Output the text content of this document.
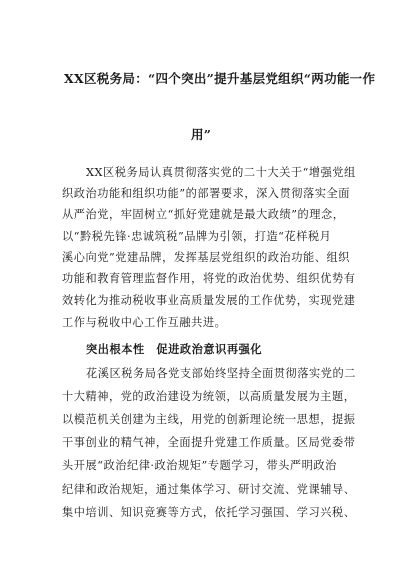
XX区税务局：“四个突出”提升基层党组织“两功能一作
用”
XX区税务局认真贯彻落实党的二十大关于“增强党组
织政治功能和组织功能”的部署要求，深入贯彻落实全面
从严治党，牢固树立“抓好党建就是最大政绩”的理念，
以“黔税先锋·忠诚筑税”品牌为引领，打造“花样税月
溪心向党”党建品牌，发挥基层党组织的政治功能、组织
功能和教育管理监督作用，将党的政治优势、组织优势有
效转化为推动税收事业高质量发展的工作优势，实现党建
工作与税收中心工作互融共进。
突出根本性　促进政治意识再强化
花溪区税务局各党支部始终坚持全面贯彻落实党的二
十大精神，党的政治建设为统领，以高质量发展为主题，
以模范机关创建为主线，用党的创新理论统一思想，提振
干事创业的精气神，全面提升党建工作质量。区局党委带
头开展“政治纪律·政治规矩”专题学习，带头严明政治
纪律和政治规矩，通过集体学习、研讨交流、党课辅导、
集中培训、知识竞赛等方式，依托学习强国、学习兴税、
